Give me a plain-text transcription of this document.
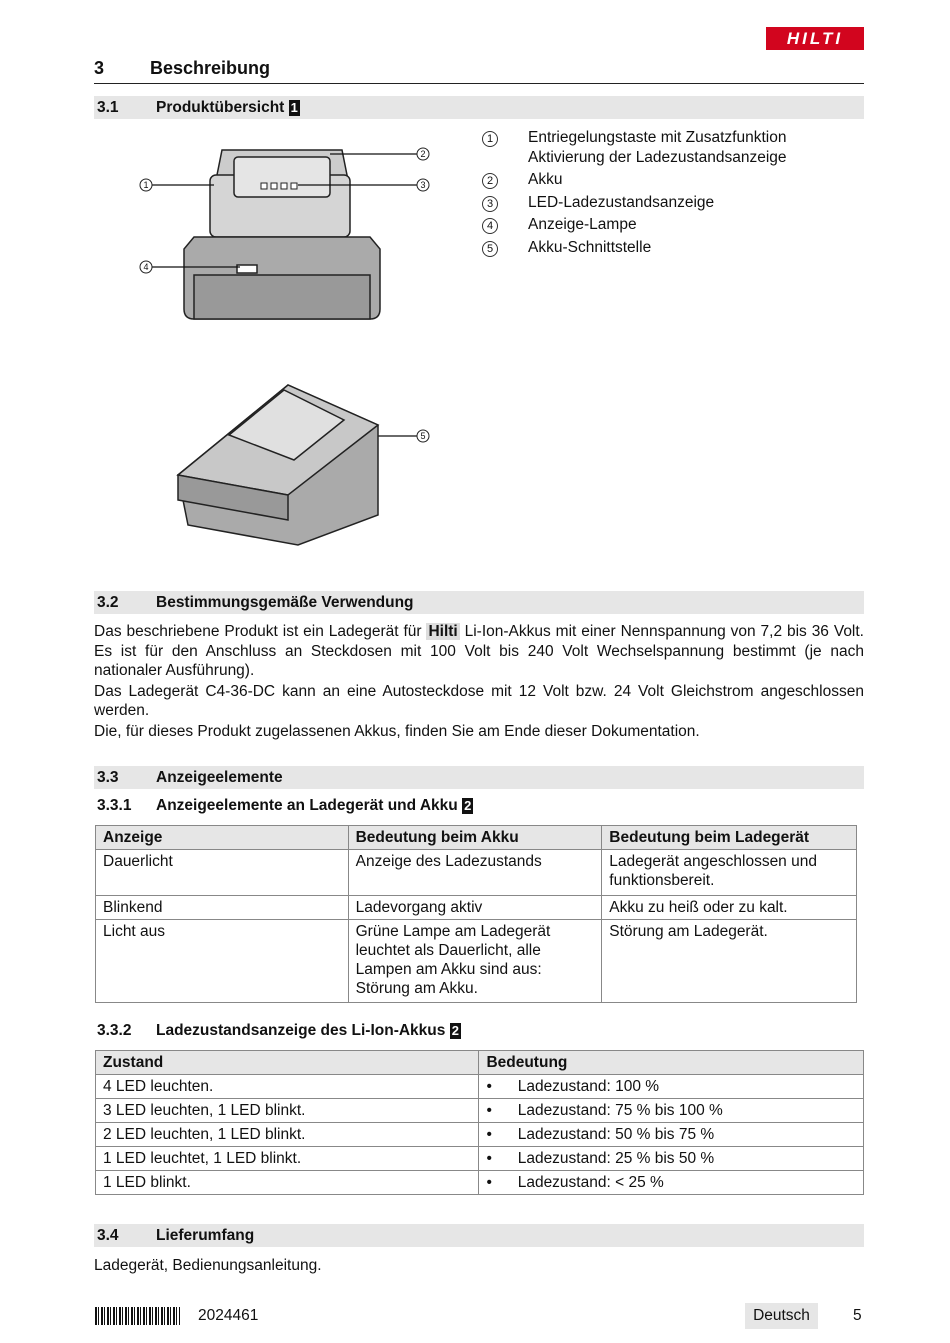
HILTI
3	Beschreibung
3.1 Produktübersicht 1
1
2
3
4
5
1	Entriegelungstaste mit Zusatzfunktion Aktivierung der Ladezustandsanzeige
2	Akku
3	LED-Ladezustandsanzeige
4	Anzeige-Lampe
5	Akku-Schnittstelle
3.2 Bestimmungsgemäße Verwendung

Das beschriebene Produkt ist ein Ladegerät für Hilti Li-Ion-Akkus mit einer Nennspannung von 7,2 bis 36 Volt. Es ist für den Anschluss an Steckdosen mit 100 Volt bis 240 Volt Wechselspannung bestimmt (je nach nationaler Ausführung).

Das Ladegerät C4-36-DC kann an eine Autosteckdose mit 12 Volt bzw. 24 Volt Gleichstrom angeschlossen werden.

Die, für dieses Produkt zugelassenen Akkus, finden Sie am Ende dieser Dokumentation.

3.3 Anzeigeelemente
3.3.1 Anzeigeelemente an Ladegerät und Akku 2
Anzeige	Bedeutung beim Akku	Bedeutung beim Ladegerät
Dauerlicht	Anzeige des Ladezustands	Ladegerät angeschlossen und funktionsbereit.
Blinkend	Ladevorgang aktiv	Akku zu heiß oder zu kalt.
Licht aus	Grüne Lampe am Ladegerät leuchtet als Dauerlicht, alle Lampen am Akku sind aus: Störung am Akku.	Störung am Ladegerät.
3.3.2 Ladezustandsanzeige des Li-Ion-Akkus 2
Zustand	Bedeutung
4 LED leuchten.	•      Ladezustand: 100 %
3 LED leuchten, 1 LED blinkt.	•      Ladezustand: 75 % bis 100 %
2 LED leuchten, 1 LED blinkt.	•      Ladezustand: 50 % bis 75 %
1 LED leuchtet, 1 LED blinkt.	•      Ladezustand: 25 % bis 50 %
1 LED blinkt.	•      Ladezustand: < 25 %
3.4 Lieferumfang
Ladegerät, Bedienungsanleitung.
2024461	Deutsch	5
